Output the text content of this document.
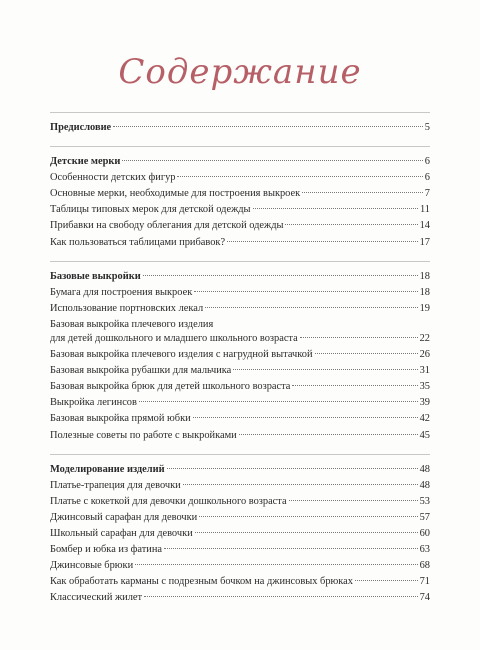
Содержание
Предисловие	5
Детские мерки	6
Особенности детских фигур	6
Основные мерки, необходимые для построения выкроек	7
Таблицы типовых мерок для детской одежды	11
Прибавки на свободу облегания для детской одежды	14
Как пользоваться таблицами прибавок?	17
Базовые выкройки	18
Бумага для построения выкроек	18
Использование портновских лекал	19
Базовая выкройка плечевого изделия
для детей дошкольного и младшего школьного возраста	22
Базовая выкройка плечевого изделия с нагрудной вытачкой	26
Базовая выкройка рубашки для мальчика	31
Базовая выкройка брюк для детей школьного возраста	35
Выкройка легинсов	39
Базовая выкройка прямой юбки	42
Полезные советы по работе с выкройками	45
Моделирование изделий	48
Платье-трапеция для девочки	48
Платье с кокеткой для девочки дошкольного возраста	53
Джинсовый сарафан для девочки	57
Школьный сарафан для девочки	60
Бомбер и юбка из фатина	63
Джинсовые брюки	68
Как обработать карманы с подрезным бочком на джинсовых брюках	71
Классический жилет	74
